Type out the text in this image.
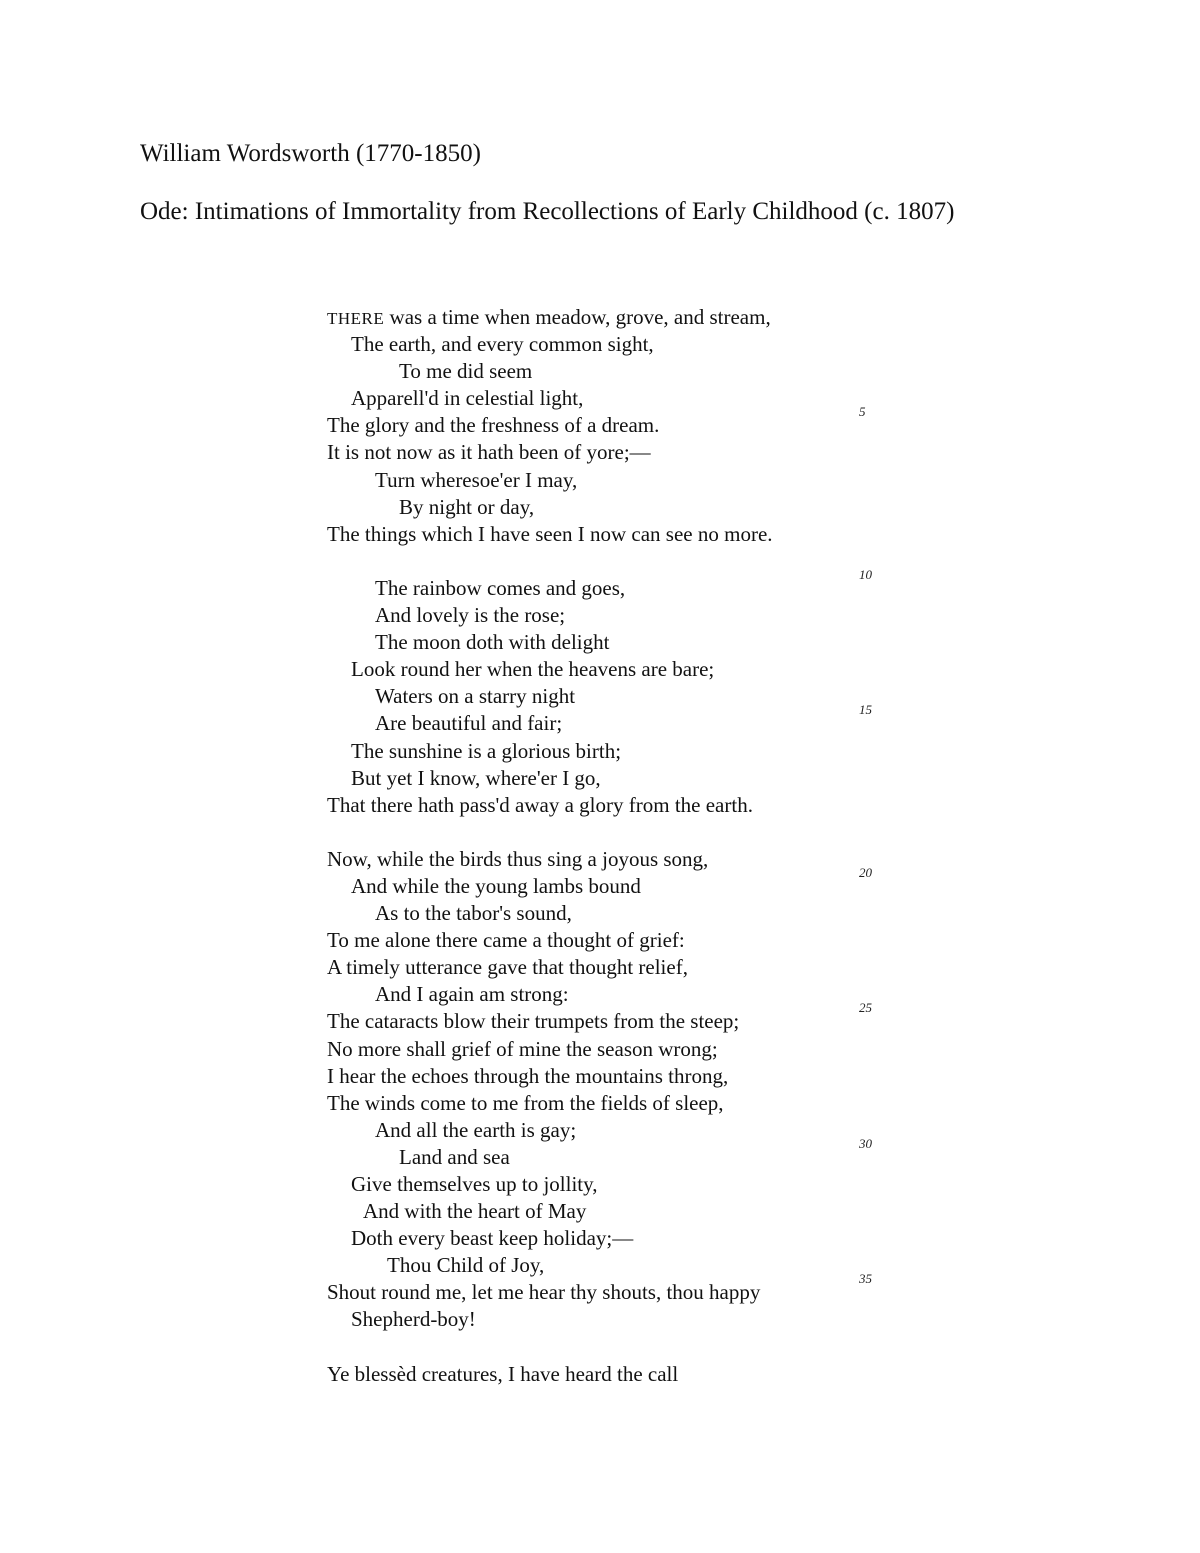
William Wordsworth (1770-1850)
Ode: Intimations of Immortality from Recollections of Early Childhood (c. 1807)
THERE was a time when meadow, grove, and stream,
The earth, and every common sight,
To me did seem
Apparell'd in celestial light,
The glory and the freshness of a dream.
5
It is not now as it hath been of yore;—
Turn wheresoe'er I may,
By night or day,
The things which I have seen I now can see no more.
The rainbow comes and goes,
10
And lovely is the rose;
The moon doth with delight
Look round her when the heavens are bare;
Waters on a starry night
Are beautiful and fair;
15
The sunshine is a glorious birth;
But yet I know, where'er I go,
That there hath pass'd away a glory from the earth.
Now, while the birds thus sing a joyous song,
And while the young lambs bound
20
As to the tabor's sound,
To me alone there came a thought of grief:
A timely utterance gave that thought relief,
And I again am strong:
The cataracts blow their trumpets from the steep;
25
No more shall grief of mine the season wrong;
I hear the echoes through the mountains throng,
The winds come to me from the fields of sleep,
And all the earth is gay;
Land and sea
30
Give themselves up to jollity,
And with the heart of May
Doth every beast keep holiday;—
Thou Child of Joy,
Shout round me, let me hear thy shouts, thou happy
35
Shepherd-boy!
Ye blessèd creatures, I have heard the call
